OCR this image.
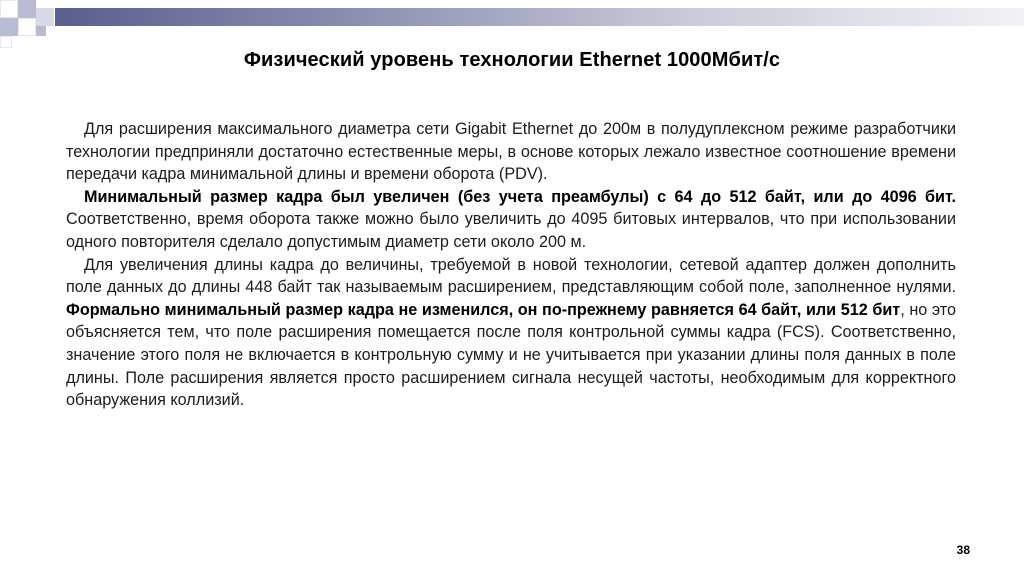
Физический уровень технологии Ethernet 1000Мбит/с

Для расширения максимального диаметра сети Gigabit Ethernet до 200м в полудуплексном режиме разработчики технологии предприняли достаточно естественные меры, в основе которых лежало известное соотношение времени передачи кадра минимальной длины и времени оборота (PDV).

Минимальный размер кадра был увеличен (без учета преамбулы) с 64 до 512 байт, или до 4096 бит. Соответственно, время оборота также можно было увеличить до 4095 битовых интервалов, что при использовании одного повторителя сделало допустимым диаметр сети около 200 м.

Для увеличения длины кадра до величины, требуемой в новой технологии, сетевой адаптер должен дополнить поле данных до длины 448 байт так называемым расширением, представляющим собой поле, заполненное нулями. Формально минимальный размер кадра не изменился, он по-прежнему равняется 64 байт, или 512 бит, но это объясняется тем, что поле расширения помещается после поля контрольной суммы кадра (FCS). Соответственно, значение этого поля не включается в контрольную сумму и не учитывается при указании длины поля данных в поле длины. Поле расширения является просто расширением сигнала несущей частоты, необходимым для корректного обнаружения коллизий.

38
